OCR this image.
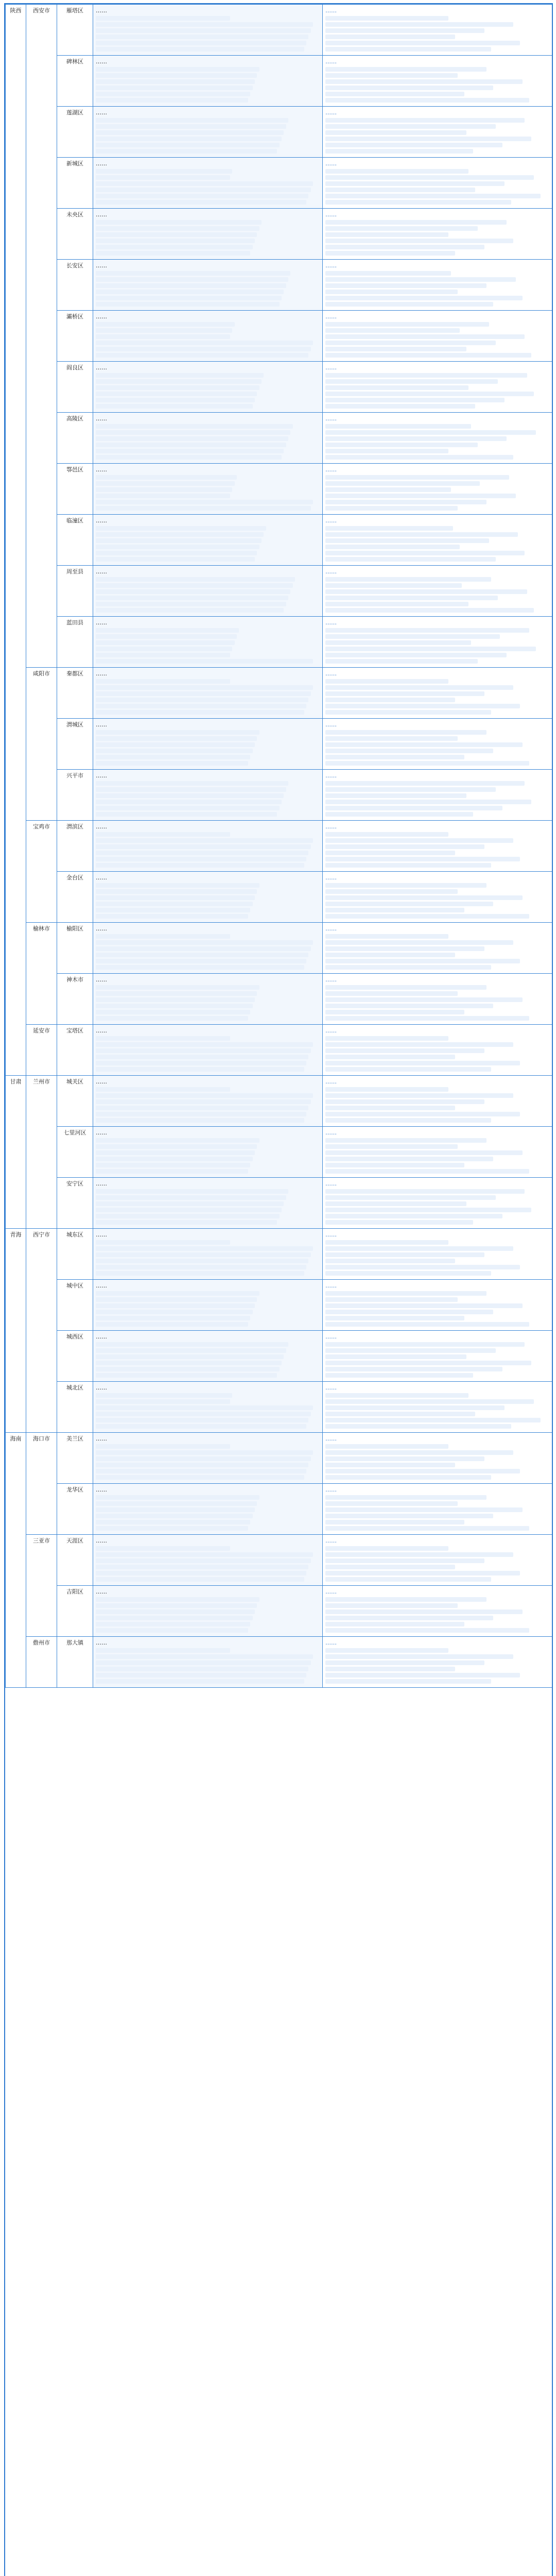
陕西	西安市	雁塔区	……	……

		碑林区	……	……

		莲湖区	……	……

		新城区	……	……

		未央区	……	……

		长安区	……	……

		灞桥区	……	……

		阎良区	……	……

		高陵区	……	……

		鄠邑区	……	……

		临潼区	……	……

		周至县	……	……

		蓝田县	……	……

	咸阳市	秦都区	……	……

		渭城区	……	……

		兴平市	……	……

	宝鸡市	渭滨区	……	……

		金台区	……	……

	榆林市	榆阳区	……	……

		神木市	……	……

	延安市	宝塔区	……	……

甘肃	兰州市	城关区	……	……

		七里河区	……	……

		安宁区	……	……

青海	西宁市	城东区	……	……

		城中区	……	……

		城西区	……	……

		城北区	……	……

海南	海口市	美兰区	……	……

		龙华区	……	……

	三亚市	天涯区	……	……

		吉阳区	……	……

	儋州市	那大镇	……	……
